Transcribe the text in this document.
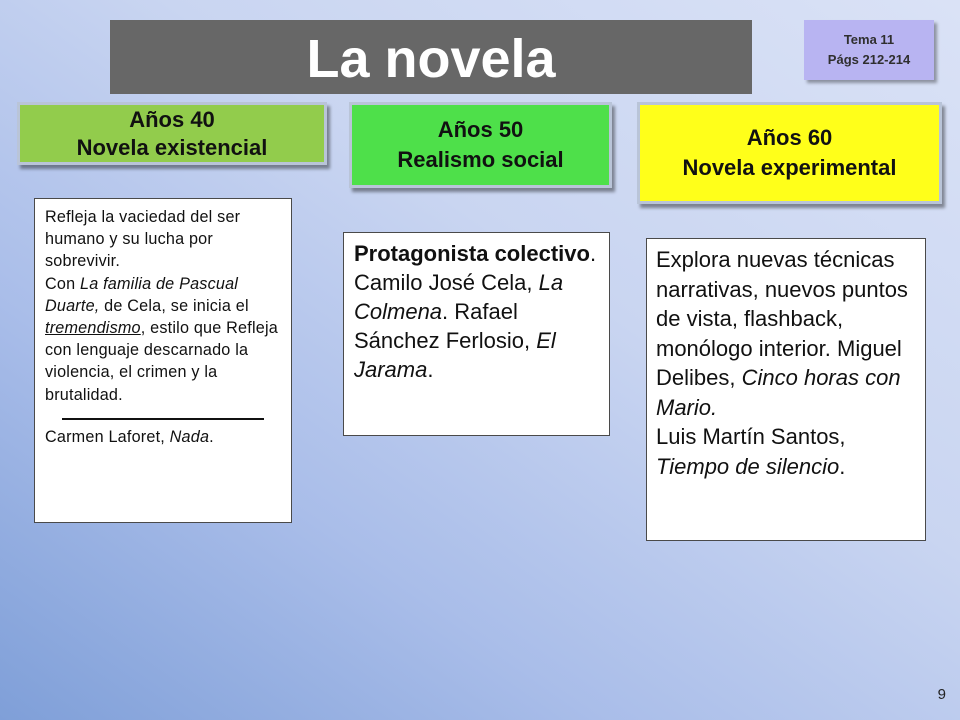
La novela	Tema 11
Págs 212-214
Años 40
Novela existencial
Refleja la vaciedad del ser humano y su lucha por sobrevivir.
Con La familia de Pascual Duarte, de Cela, se inicia el tremendismo, estilo que Refleja con lenguaje descarnado la violencia, el crimen y la brutalidad.
Carmen Laforet, Nada.
Años 50
Realismo social
Protagonista colectivo. Camilo José Cela, La Colmena. Rafael Sánchez Ferlosio, El Jarama.
Años 60
Novela experimental
Explora nuevas técnicas narrativas, nuevos puntos de vista, flashback, monólogo interior. Miguel Delibes, Cinco horas con Mario.
Luis Martín Santos, Tiempo de silencio.
9
